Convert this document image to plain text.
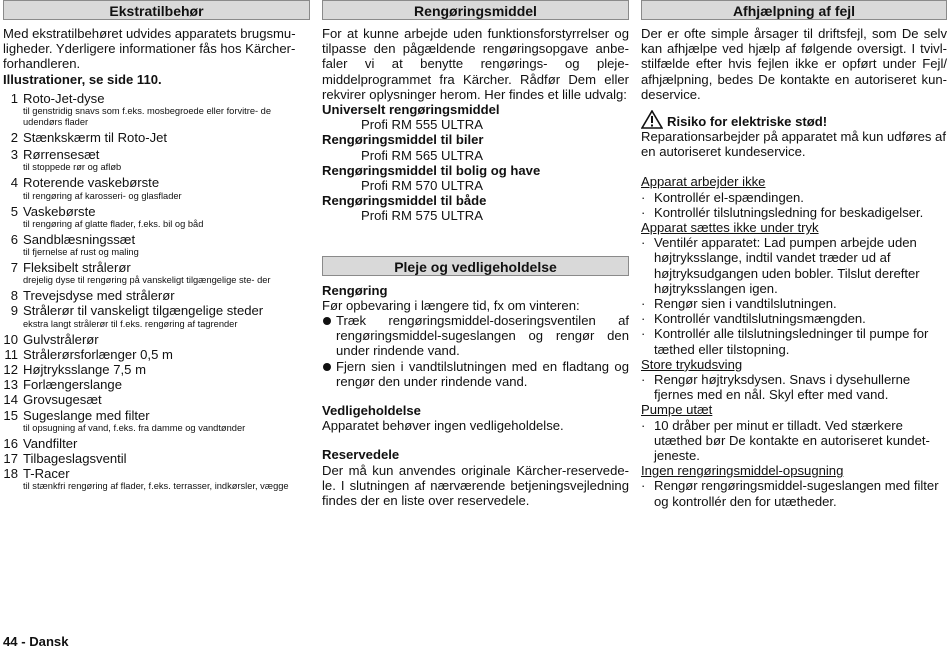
Ekstratilbehør
Med ekstratilbehøret udvides apparatets brugsmu-
ligheder. Yderligere informationer fås hos Kärcher-
forhandleren.
Illustrationer, se side 110.
1 Roto-Jet-dyse
til genstridig snavs som f.eks. mosbegroede eller forvitre- de udendørs flader
2 Stænkskærm til Roto-Jet
3 Rørrensesæt
til stoppede rør og afløb
4 Roterende vaskebørste
til rengøring af karosseri- og glasflader
5 Vaskebørste
til rengøring af glatte flader, f.eks. bil og båd
6 Sandblæsningssæt
til fjernelse af rust og maling
7 Fleksibelt strålerør
drejelig dyse til rengøring på vanskeligt tilgængelige ste- der
8 Trevejsdyse med strålerør
9 Strålerør til vanskeligt tilgængelige steder
ekstra langt strålerør til f.eks. rengøring af tagrender
10 Gulvstrålerør
11 Strålerørsforlænger 0,5 m
12 Højtryksslange 7,5 m
13 Forlængerslange
14 Grovsugesæt
15 Sugeslange med filter
til opsugning af vand, f.eks. fra damme og vandtønder
16 Vandfilter
17 Tilbageslagsventil
18 T-Racer
til stænkfri rengøring af flader, f.eks. terrasser, indkørsler, vægge
Rengøringsmiddel
For at kunne arbejde uden funktionsforstyrrelser og tilpasse den pågældende rengøringsopgave anbe- faler vi at benytte rengørings- og pleje- middelprogrammet fra Kärcher. Rådfør Dem eller rekvirer oplysninger herom. Her findes et lille udvalg:
Universelt rengøringsmiddel
Profi RM 555 ULTRA
Rengøringsmiddel til biler
Profi RM 565 ULTRA
Rengøringsmiddel til bolig og have
Profi RM 570 ULTRA
Rengøringsmiddel til både
Profi RM 575 ULTRA
Pleje og vedligeholdelse
Rengøring
Før opbevaring i længere tid, fx om vinteren:
Træk rengøringsmiddel-doseringsventilen af rengøringsmiddel-sugeslangen og rengør den under rindende vand.
Fjern sien i vandtilslutningen med en fladtang og rengør den under rindende vand.
Vedligeholdelse
Apparatet behøver ingen vedligeholdelse.
Reservedele
Der må kun anvendes originale Kärcher-reservede- le. I slutningen af nærværende betjeningsvejledning findes der en liste over reservedele.
Afhjælpning af fejl
Der er ofte simple årsager til driftsfejl, som De selv kan afhjælpe ved hjælp af følgende oversigt. I tvivl- stilfælde efter hvis fejlen ikke er opført under Fejl/ afhjælpning, bedes De kontakte en autoriseret kun- deservice.
Risiko for elektriske stød!
Reparationsarbejder på apparatet må kun udføres af en autoriseret kundeservice.
Apparat arbejder ikke
· Kontrollér el-spændingen.
· Kontrollér tilslutningsledning for beskadigelser.
Apparat sættes ikke under tryk
· Ventilér apparatet: Lad pumpen arbejde uden højtryksslange, indtil vandet træder ud af højtryksudgangen uden bobler. Tilslut derefter højtryksslangen igen.
· Rengør sien i vandtilslutningen.
· Kontrollér vandtilslutningsmængden.
· Kontrollér alle tilslutningsledninger til pumpe for tæthed eller tilstopning.
Store trykudsving
· Rengør højtryksdysen. Snavs i dysehullerne fjernes med en nål. Skyl efter med vand.
Pumpe utæt
· 10 dråber per minut er tilladt. Ved stærkere utæthed bør De kontakte en autoriseret kundet- jeneste.
Ingen rengøringsmiddel-opsugning
· Rengør rengøringsmiddel-sugeslangen med filter og kontrollér den for utætheder.
44 - Dansk
